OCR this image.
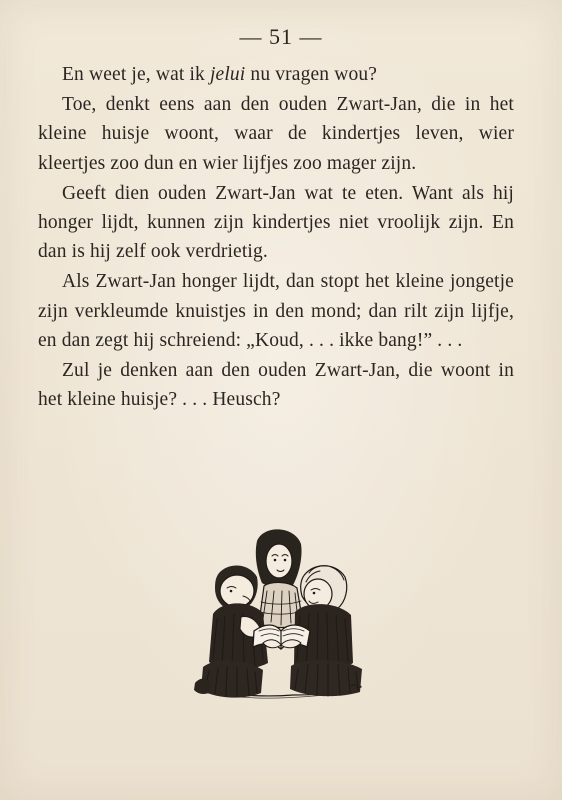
— 51 —

En weet je, wat ik jelui nu vragen wou?

Toe, denkt eens aan den ouden Zwart-Jan, die in het kleine huisje woont, waar de kindertjes leven, wier kleertjes zoo dun en wier lijfjes zoo mager zijn.

Geeft dien ouden Zwart-Jan wat te eten. Want als hij honger lijdt, kunnen zijn kindertjes niet vroolijk zijn. En dan is hij zelf ook verdrietig.

Als Zwart-Jan honger lijdt, dan stopt het kleine jongetje zijn verkleumde knuistjes in den mond; dan rilt zijn lijfje, en dan zegt hij schreiend: „Koud, . . . ikke bang!” . . .

Zul je denken aan den ouden Zwart-Jan, die woont in het kleine huisje? . . . Heusch?
